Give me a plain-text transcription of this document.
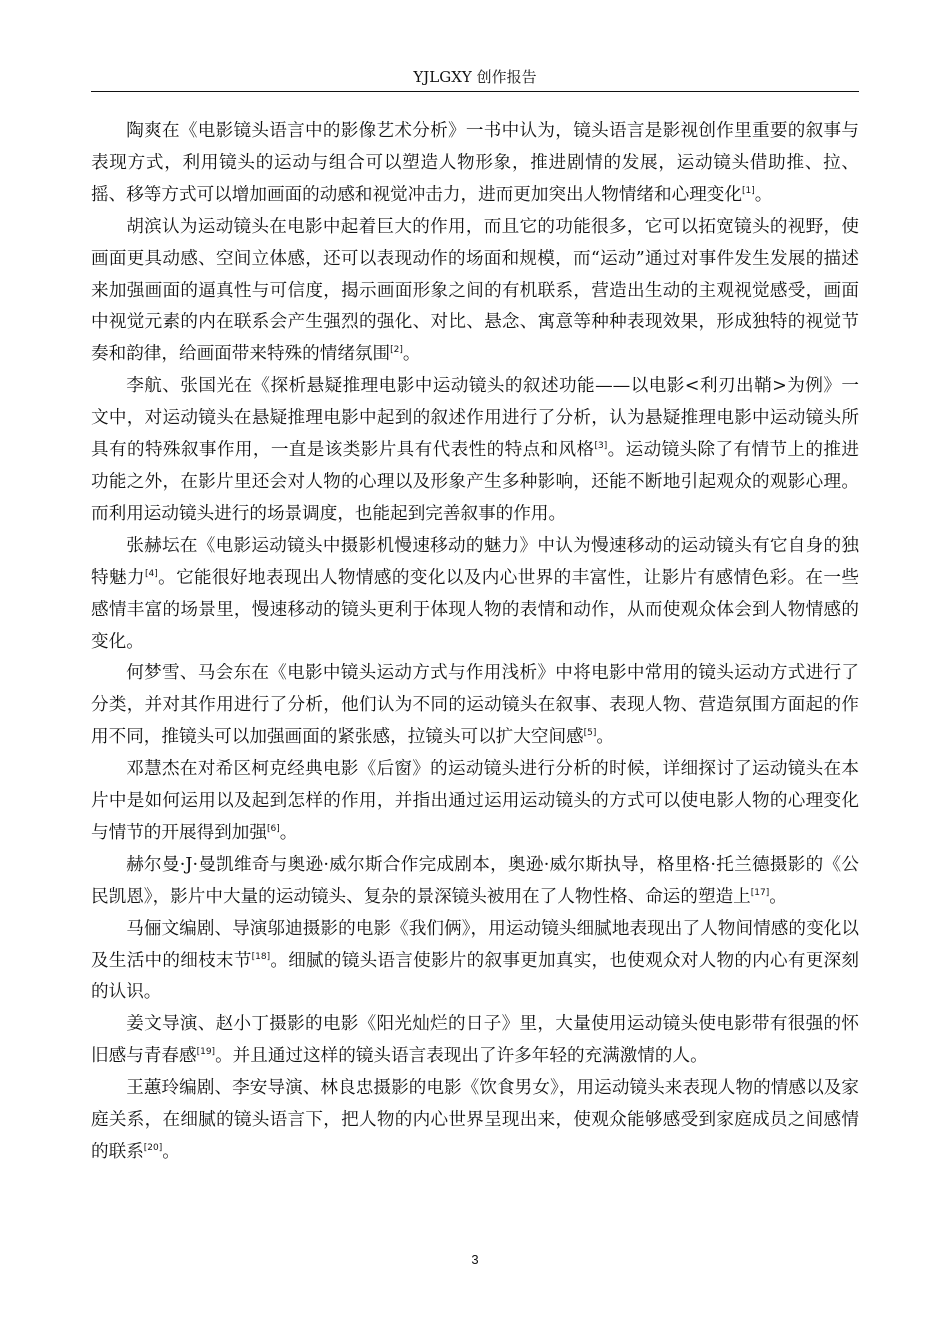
YJLGXY 创作报告

陶爽在《电影镜头语言中的影像艺术分析》一书中认为，镜头语言是影视创作里重要的叙事与表现方式，利用镜头的运动与组合可以塑造人物形象，推进剧情的发展，运动镜头借助推、拉、摇、移等方式可以增加画面的动感和视觉冲击力，进而更加突出人物情绪和心理变化[1]。

胡滨认为运动镜头在电影中起着巨大的作用，而且它的功能很多，它可以拓宽镜头的视野，使画面更具动感、空间立体感，还可以表现动作的场面和规模，而“运动”通过对事件发生发展的描述来加强画面的逼真性与可信度，揭示画面形象之间的有机联系，营造出生动的主观视觉感受，画面中视觉元素的内在联系会产生强烈的强化、对比、悬念、寓意等种种表现效果，形成独特的视觉节奏和韵律，给画面带来特殊的情绪氛围[2]。

李航、张国光在《探析悬疑推理电影中运动镜头的叙述功能——以电影<利刃出鞘>为例》一文中，对运动镜头在悬疑推理电影中起到的叙述作用进行了分析，认为悬疑推理电影中运动镜头所具有的特殊叙事作用，一直是该类影片具有代表性的特点和风格[3]。运动镜头除了有情节上的推进功能之外，在影片里还会对人物的心理以及形象产生多种影响，还能不断地引起观众的观影心理。而利用运动镜头进行的场景调度，也能起到完善叙事的作用。

张赫坛在《电影运动镜头中摄影机慢速移动的魅力》中认为慢速移动的运动镜头有它自身的独特魅力[4]。它能很好地表现出人物情感的变化以及内心世界的丰富性，让影片有感情色彩。在一些感情丰富的场景里，慢速移动的镜头更利于体现人物的表情和动作，从而使观众体会到人物情感的变化。

何梦雪、马会东在《电影中镜头运动方式与作用浅析》中将电影中常用的镜头运动方式进行了分类，并对其作用进行了分析，他们认为不同的运动镜头在叙事、表现人物、营造氛围方面起的作用不同，推镜头可以加强画面的紧张感，拉镜头可以扩大空间感[5]。

邓慧杰在对希区柯克经典电影《后窗》的运动镜头进行分析的时候，详细探讨了运动镜头在本片中是如何运用以及起到怎样的作用，并指出通过运用运动镜头的方式可以使电影人物的心理变化与情节的开展得到加强[6]。

赫尔曼·J·曼凯维奇与奥逊·威尔斯合作完成剧本，奥逊·威尔斯执导，格里格·托兰德摄影的《公民凯恩》，影片中大量的运动镜头、复杂的景深镜头被用在了人物性格、命运的塑造上[17]。

马俪文编剧、导演邬迪摄影的电影《我们俩》，用运动镜头细腻地表现出了人物间情感的变化以及生活中的细枝末节[18]。细腻的镜头语言使影片的叙事更加真实，也使观众对人物的内心有更深刻的认识。

姜文导演、赵小丁摄影的电影《阳光灿烂的日子》里，大量使用运动镜头使电影带有很强的怀旧感与青春感[19]。并且通过这样的镜头语言表现出了许多年轻的充满激情的人。

王蕙玲编剧、李安导演、林良忠摄影的电影《饮食男女》，用运动镜头来表现人物的情感以及家庭关系，在细腻的镜头语言下，把人物的内心世界呈现出来，使观众能够感受到家庭成员之间感情的联系[20]。

3
